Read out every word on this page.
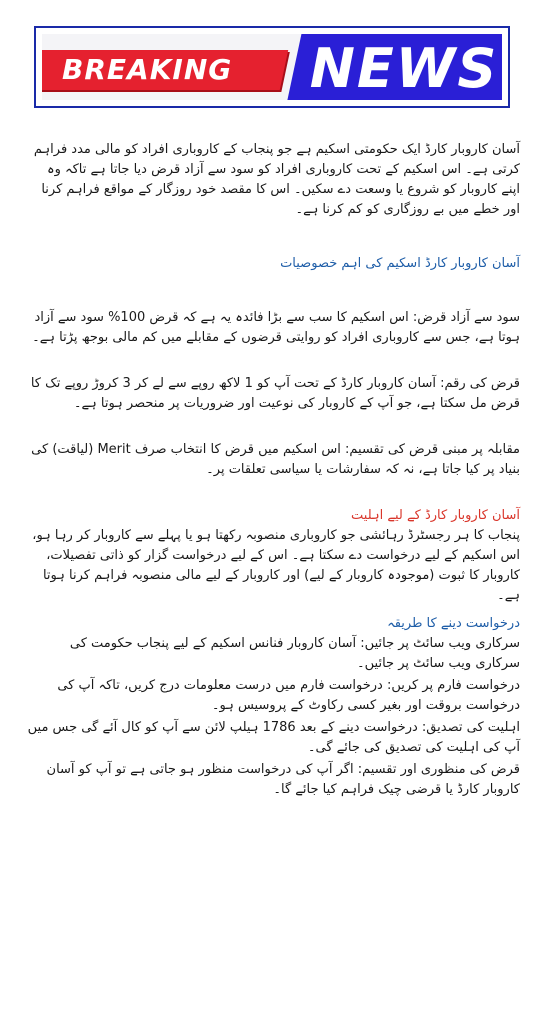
BREAKING	NEWS

آسان کاروبار کارڈ ایک حکومتی اسکیم ہے جو پنجاب کے کاروباری افراد کو مالی مدد فراہم کرتی ہے۔ اس اسکیم کے تحت کاروباری افراد کو سود سے آزاد قرض دیا جاتا ہے تاکہ وہ اپنے کاروبار کو شروع یا وسعت دے سکیں۔ اس کا مقصد خود روزگار کے مواقع فراہم کرنا اور خطے میں بے روزگاری کو کم کرنا ہے۔

آسان کاروبار کارڈ اسکیم کی اہم خصوصیات

سود سے آزاد قرض: اس اسکیم کا سب سے بڑا فائدہ یہ ہے کہ قرض 100% سود سے آزاد ہوتا ہے، جس سے کاروباری افراد کو روایتی قرضوں کے مقابلے میں کم مالی بوجھ پڑتا ہے۔

قرض کی رقم: آسان کاروبار کارڈ کے تحت آپ کو 1 لاکھ روپے سے لے کر 3 کروڑ روپے تک کا قرض مل سکتا ہے، جو آپ کے کاروبار کی نوعیت اور ضروریات پر منحصر ہوتا ہے۔

مقابلہ پر مبنی قرض کی تقسیم: اس اسکیم میں قرض کا انتخاب صرف Merit (لیاقت) کی بنیاد پر کیا جاتا ہے، نہ کہ سفارشات یا سیاسی تعلقات پر۔

آسان کاروبار کارڈ کے لیے اہلیت

پنجاب کا ہر رجسٹرڈ رہائشی جو کاروباری منصوبہ رکھتا ہو یا پہلے سے کاروبار کر رہا ہو، اس اسکیم کے لیے درخواست دے سکتا ہے۔ اس کے لیے درخواست گزار کو ذاتی تفصیلات، کاروبار کا ثبوت (موجودہ کاروبار کے لیے) اور کاروبار کے لیے مالی منصوبہ فراہم کرنا ہوتا ہے۔

درخواست دینے کا طریقہ

سرکاری ویب سائٹ پر جائیں: آسان کاروبار فنانس اسکیم کے لیے پنجاب حکومت کی سرکاری ویب سائٹ پر جائیں۔

درخواست فارم پر کریں: درخواست فارم میں درست معلومات درج کریں، تاکہ آپ کی درخواست بروقت اور بغیر کسی رکاوٹ کے پروسیس ہو۔

اہلیت کی تصدیق: درخواست دینے کے بعد 1786 ہیلپ لائن سے آپ کو کال آئے گی جس میں آپ کی اہلیت کی تصدیق کی جائے گی۔

قرض کی منظوری اور تقسیم: اگر آپ کی درخواست منظور ہو جاتی ہے تو آپ کو آسان کاروبار کارڈ یا قرضی چیک فراہم کیا جائے گا۔
